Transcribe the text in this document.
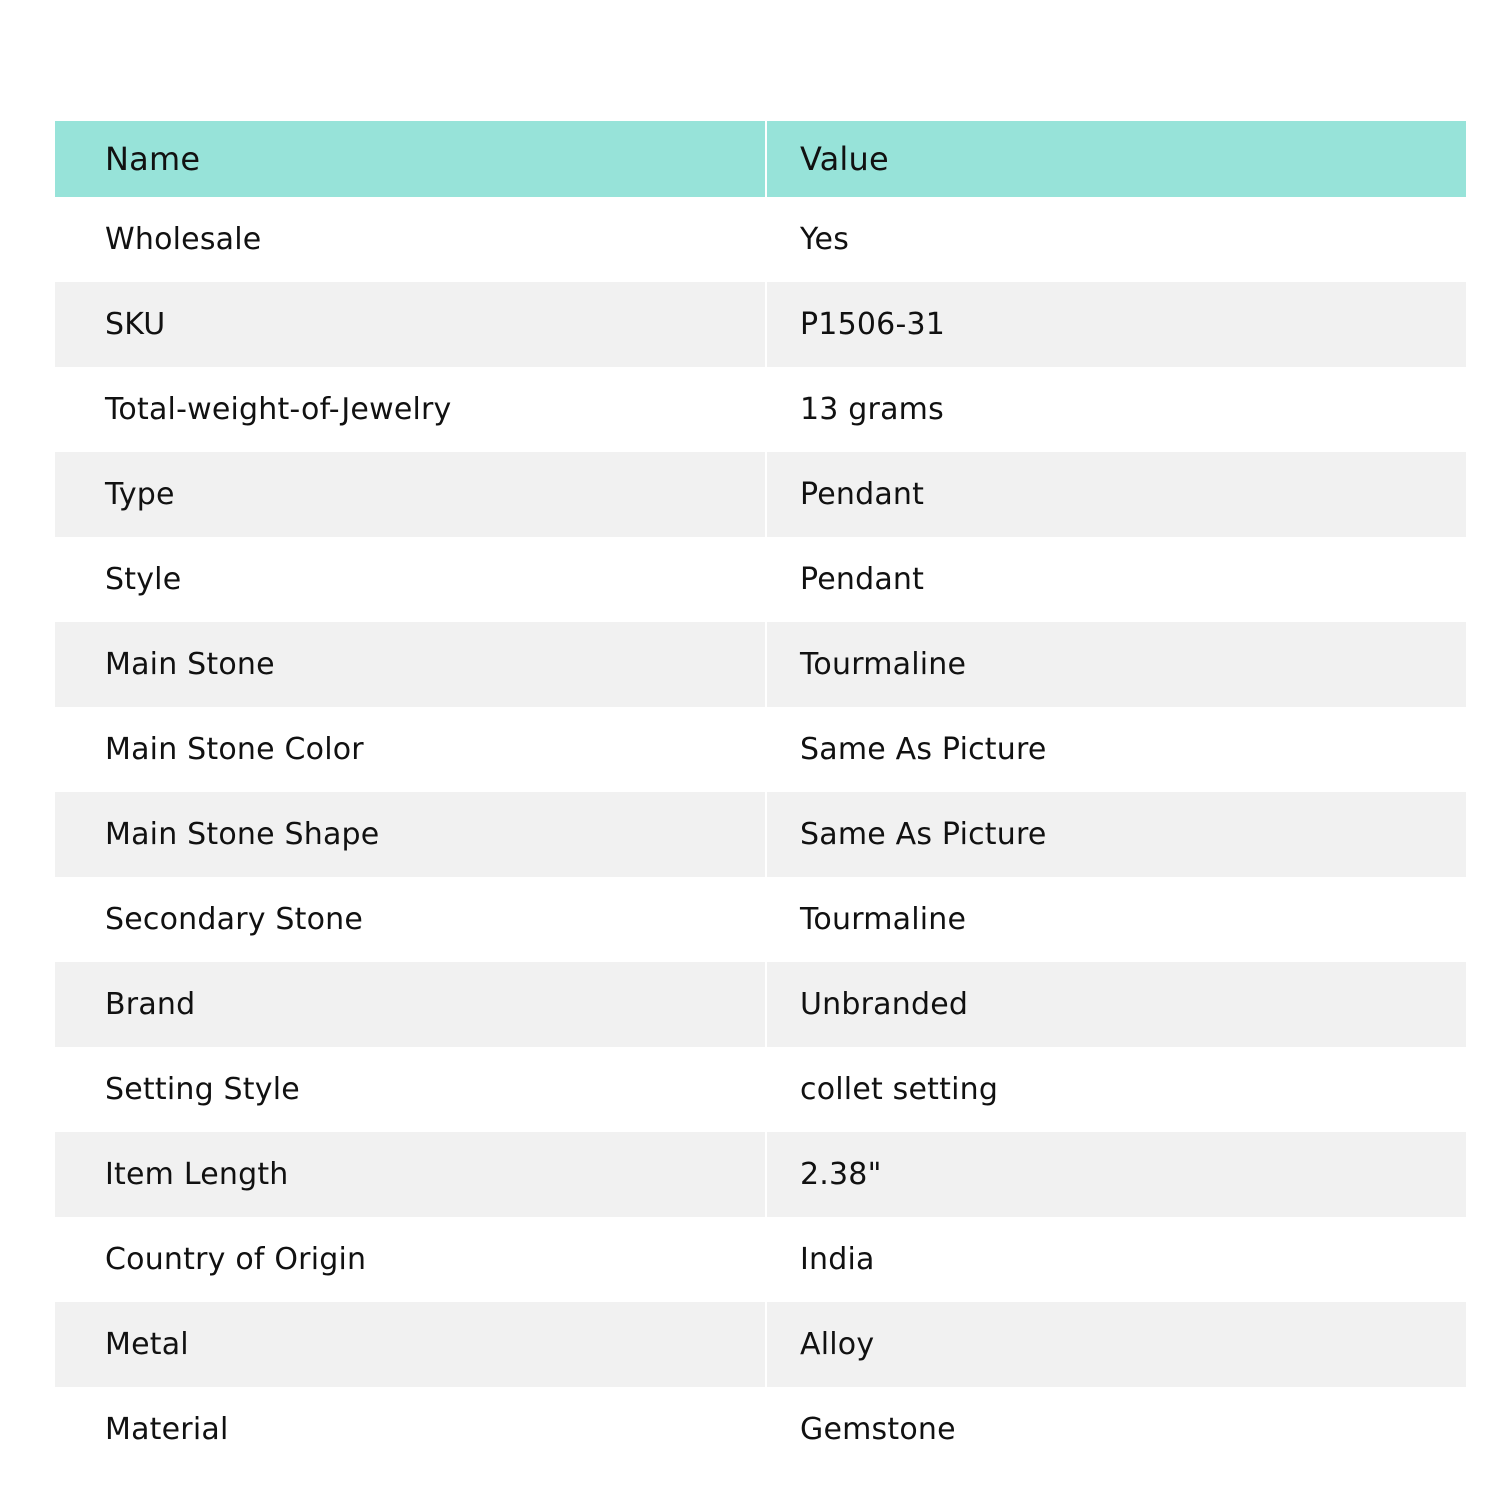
Name	Value
Wholesale	Yes
SKU	P1506-31
Total-weight-of-Jewelry	13 grams
Type	Pendant
Style	Pendant
Main Stone	Tourmaline
Main Stone Color	Same As Picture
Main Stone Shape	Same As Picture
Secondary Stone	Tourmaline
Brand	Unbranded
Setting Style	collet setting
Item Length	2.38"
Country of Origin	India
Metal	Alloy
Material	Gemstone
